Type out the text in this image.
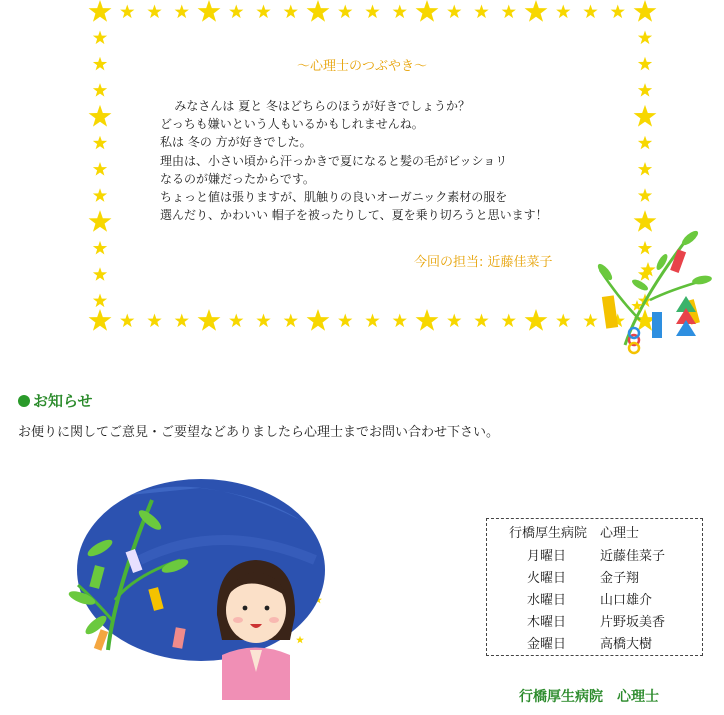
～心理士のつぶやき～

みなさんは 夏と 冬はどちらのほうが好きでしょうか？

どっちも嫌いという人もいるかもしれませんね。

私は 冬の 方が好きでした。

理由は、小さい頃から汗っかきで夏になると髪の毛がビッショリ

なるのが嫌だったからです。

ちょっと値は張りますが、肌触りの良いオーガニック素材の服を

選んだり、かわいい 帽子を被ったりして、夏を乗り切ろうと思います！

今回の担当: 近藤佳菜子
お知らせ
お便りに関してご意見・ご要望などありましたら心理士までお問い合わせ下さい。
行橋厚生病院　心理士
月曜日	近藤佳菜子
火曜日	金子翔
水曜日	山口雄介
木曜日	片野坂美香
金曜日	高橋大樹
行橋厚生病院　心理士
